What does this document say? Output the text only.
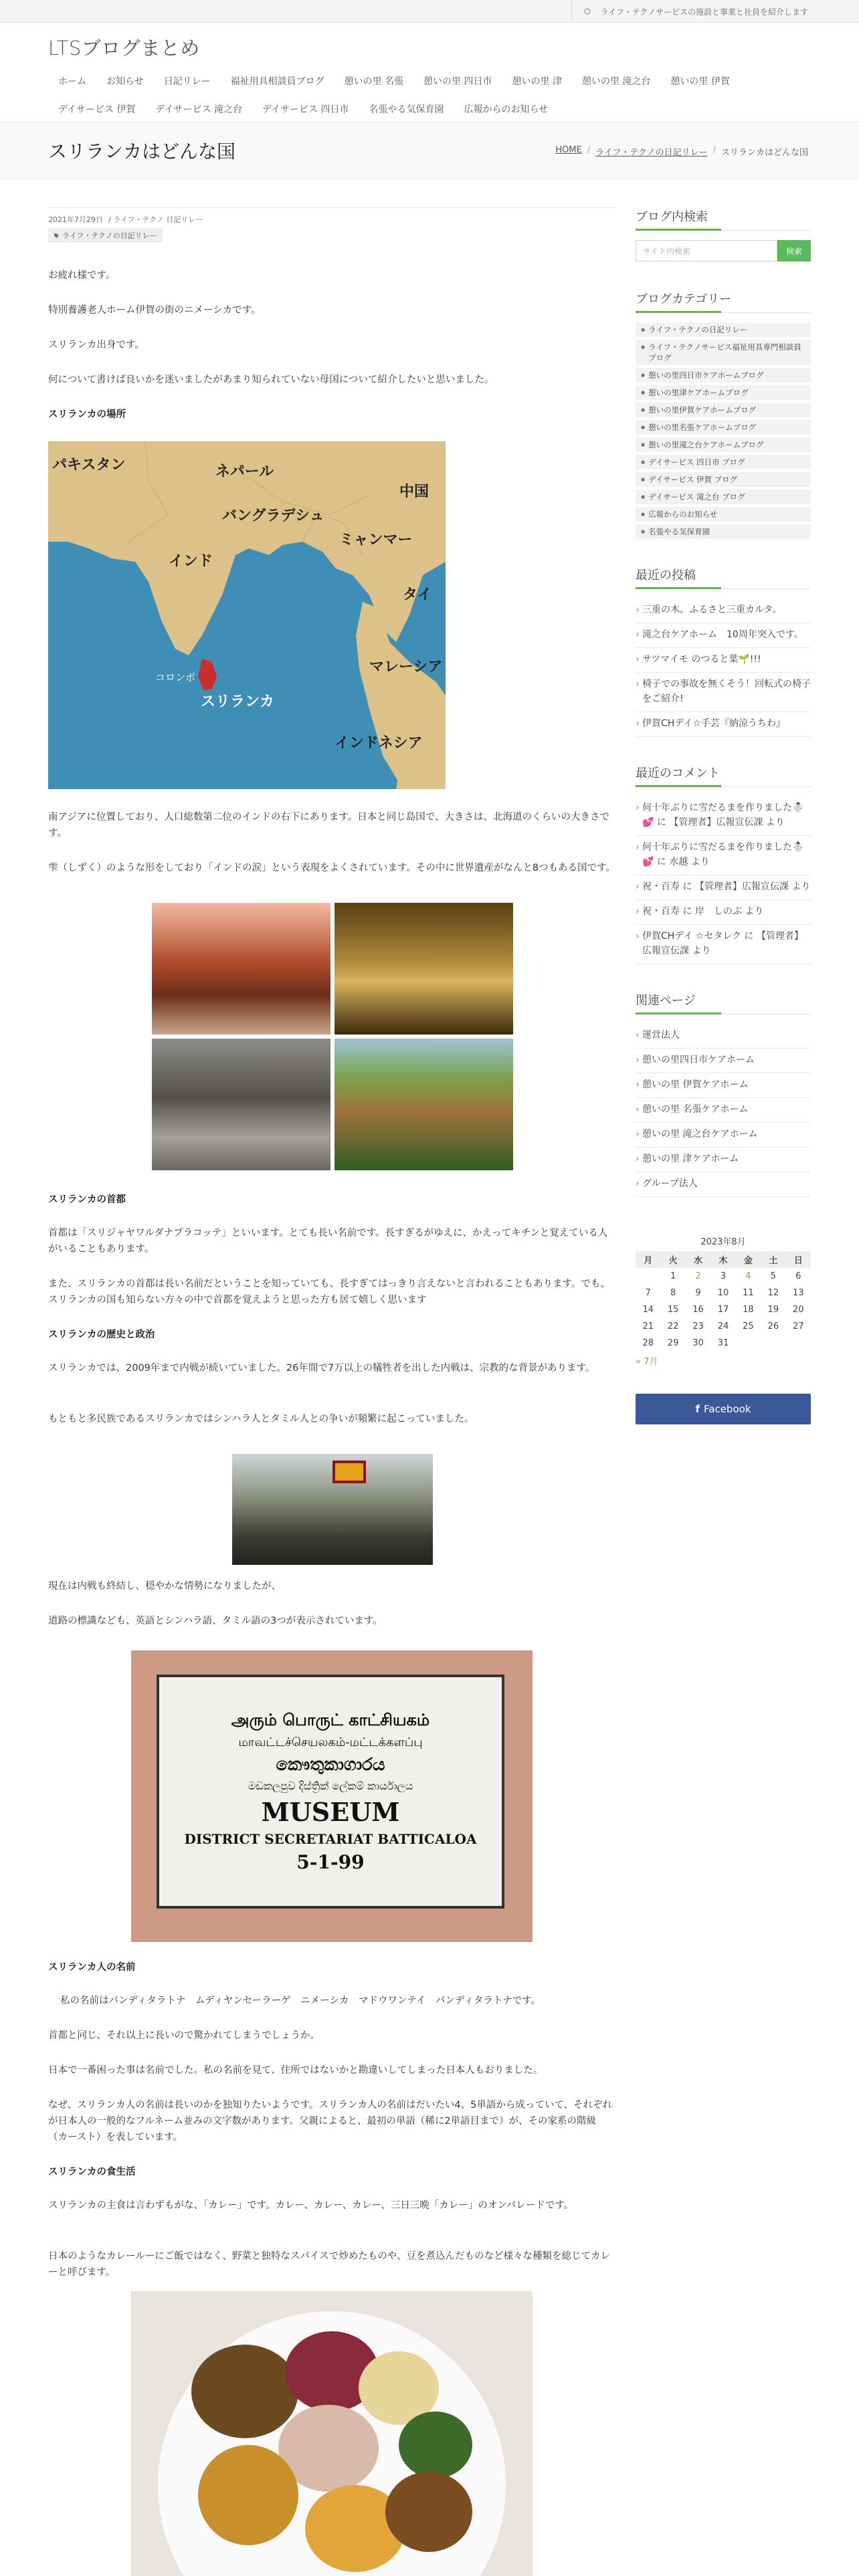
ライフ・テクノサービスの施設と事業と社員を紹介します
LTSブログまとめ
ホーム	お知らせ	日記リレー	福祉用具相談員ブログ	憩いの里 名張	憩いの里 四日市	憩いの里 津	憩いの里 滝之台	憩いの里 伊賀
デイサービス 伊賀	デイサービス 滝之台	デイサービス 四日市	名張やる気保育園	広報からのお知らせ
スリランカはどんな国	HOME / ライフ・テクノの日記リレー / スリランカはどんな国
2021年7月29日 / ライフ・テクノ 日記リレー
ライフ・テクノの日記リレー

お疲れ様です。

特別養護老人ホーム伊賀の街のニメーシカです。

スリランカ出身です。

何について書けば良いかを迷いましたがあまり知られていない母国について紹介したいと思いました。

スリランカの場所
パキスタン	ネパール
中国
バングラデシュ
ミャンマー
インド
タイ
コロンボ
スリランカ
マレーシア
インドネシア

南アジアに位置しており、人口総数第二位のインドの右下にあります。日本と同じ島国で、大きさは、北海道のくらいの大きさです。

雫（しずく）のような形をしており「インドの涙」という表現をよくされています。その中に世界遺産がなんと8つもある国です。

スリランカの首都

首都は「スリジャヤワルダナプラコッテ」といいます。とても長い名前です。長すぎるがゆえに、かえってキチンと覚えている人がいることもあります。

また、スリランカの首都は長い名前だということを知っていても、長すぎてはっきり言えないと言われることもあります。でも、スリランカの国も知らない方々の中で首都を覚えようと思った方も居て嬉しく思います

スリランカの歴史と政治

スリランカでは、2009年まで内戦が続いていました。26年間で7万以上の犠牲者を出した内戦は、宗教的な背景があります。

もともと多民族であるスリランカではシンハラ人とタミル人との争いが頻繁に起こっていました。

現在は内戦も終結し、穏やかな情勢になりましたが、

道路の標識なども、英語とシンハラ語、タミル語の3つが表示されています。

அரும் பொருட் காட்சியகம்
மாவட்டச்செயலகம்-மட்டக்களப்பு
කෞතුකාගාරය
මඩකලපුව දිස්ත්‍රික් ලේකම් කාර්යාලය
MUSEUM
DISTRICT SECRETARIAT BATTICALOA
5-1-99
スリランカ人の名前

私の名前はパンディタラトナ　ムディヤンセーラーゲ　ニメーシカ　マドウワンテイ　パンディタラトナです。

首都と同じ、それ以上に長いので驚かれてしまうでしょうか。

日本で一番困った事は名前でした。私の名前を見て、住所ではないかと勘違いしてしまった日本人もおりました。

なぜ、スリランカ人の名前は長いのかを独知りたいようです。スリランカ人の名前はだいたい4、5単語から成っていて、それぞれが日本人の一般的なフルネーム並みの文字数があります。父親によると、最初の単語（稀に2単語目まで）が、その家系の階級（カースト）を表しています。

スリランカの食生活

スリランカの主食は言わずもがな、「カレー」です。カレー、カレー、カレー、三日三晩「カレー」のオンパレードです。

日本のようなカレールーにご飯ではなく、野菜と独特なスパイスで炒めたものや、豆を煮込んだものなど様々な種類を総じてカレーと呼びます。

ブログ内検索
サイト内検索	検索
ブログカテゴリー
● ライフ・テクノの日記リレー
● ライフ・テクノサービス福祉用具専門相談員ブログ
● 憩いの里四日市ケアホームブログ
● 憩いの里津ケアホームブログ
● 憩いの里伊賀ケアホームブログ
● 憩いの里名張ケアホームブログ
● 憩いの里滝之台ケアホームブログ
● デイサービス 四日市 ブログ
● デイサービス 伊賀 ブログ
● デイサービス 滝之台 ブログ
● 広報からのお知らせ
● 名張やる気保育園
最近の投稿
› 三重の木。ふるさと三重カルタ。
› 滝之台ケアホーム　10周年突入です。
› サツマイモ のつると葉🌱!!!
› 椅子での事故を無くそう！回転式の椅子をご紹介!
› 伊賀CHデイ☆手芸『納涼うちわ』
最近のコメント
› 何十年ぶりに雪だるまを作りました☃️💕 に 【管理者】広報宣伝課 より
› 何十年ぶりに雪だるまを作りました☃️💕 に 水越 より
› 祝・百寿 に 【管理者】広報宣伝課 より
› 祝・百寿 に 岸　しのぶ より
› 伊賀CHデイ ☆セタレク に 【管理者】広報宣伝課 より
関連ページ
› 運営法人
› 憩いの里四日市ケアホーム
› 憩いの里 伊賀ケアホーム
› 憩いの里 名張ケアホーム
› 憩いの里 滝之台ケアホーム
› 憩いの里 津ケアホーム
› グループ法人
2023年8月
月	火	水	木	金	土	日
	1	2	3	4	5	6
7	8	9	10	11	12	13
14	15	16	17	18	19	20
21	22	23	24	25	26	27
28	29	30	31			
« 7月
f Facebook
